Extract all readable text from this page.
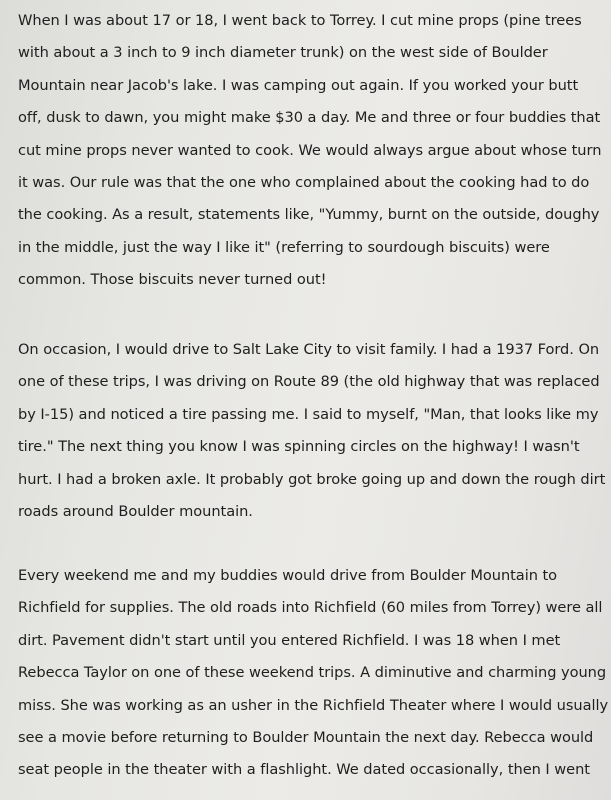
When I was about 17 or 18, I went back to Torrey. I cut mine props (pine trees
with about a 3 inch to 9 inch diameter trunk) on the west side of Boulder
Mountain near Jacob's lake. I was camping out again. If you worked your butt
off, dusk to dawn, you might make $30 a day. Me and three or four buddies that
cut mine props never wanted to cook. We would always argue about whose turn
it was. Our rule was that the one who complained about the cooking had to do
the cooking. As a result, statements like, "Yummy, burnt on the outside, doughy
in the middle, just the way I like it" (referring to sourdough biscuits) were
common. Those biscuits never turned out!

On occasion, I would drive to Salt Lake City to visit family. I had a 1937 Ford. On
one of these trips, I was driving on Route 89 (the old highway that was replaced
by I-15) and noticed a tire passing me. I said to myself, "Man, that looks like my
tire." The next thing you know I was spinning circles on the highway! I wasn't
hurt. I had a broken axle. It probably got broke going up and down the rough dirt
roads around Boulder mountain.

Every weekend me and my buddies would drive from Boulder Mountain to
Richfield for supplies. The old roads into Richfield (60 miles from Torrey) were all
dirt. Pavement didn't start until you entered Richfield. I was 18 when I met
Rebecca Taylor on one of these weekend trips. A diminutive and charming young
miss. She was working as an usher in the Richfield Theater where I would usually
see a movie before returning to Boulder Mountain the next day. Rebecca would
seat people in the theater with a flashlight. We dated occasionally, then I went
